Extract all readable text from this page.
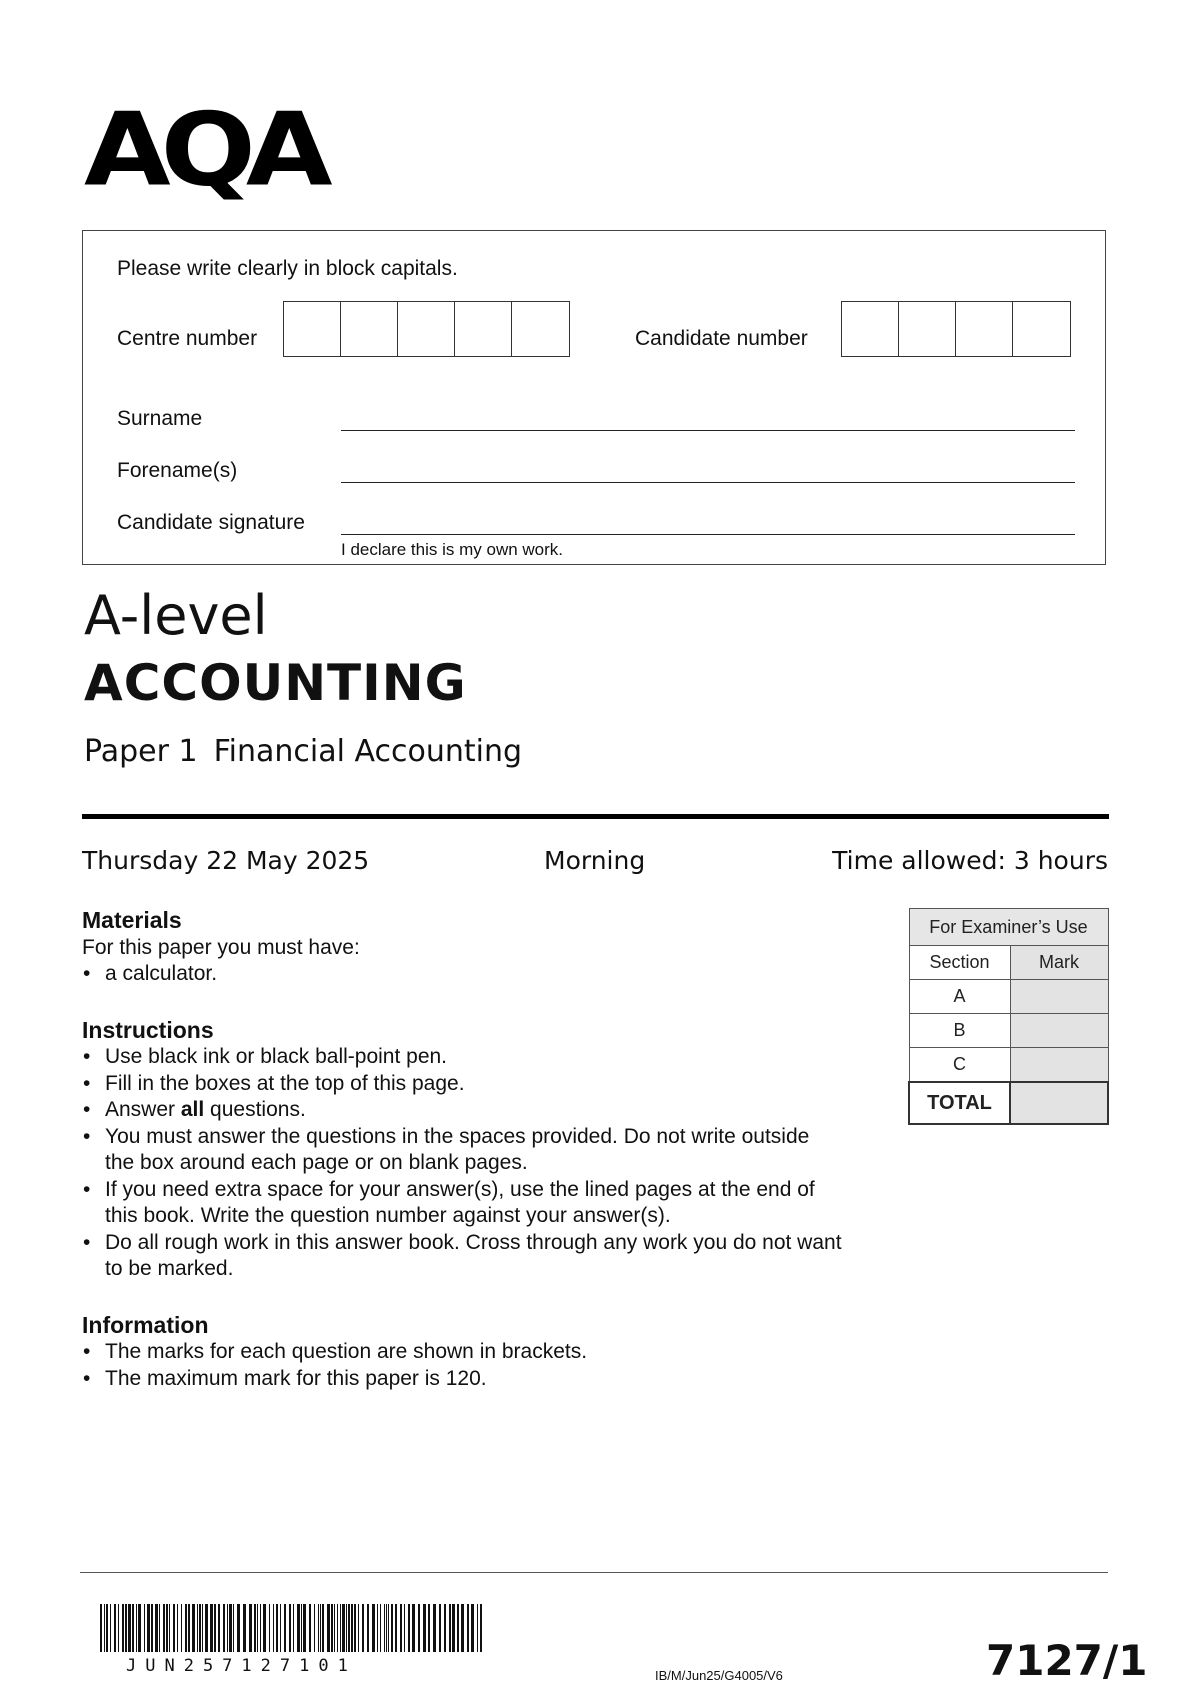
AQA
Please write clearly in block capitals.
Centre number	Candidate number
Surname
Forename(s)
Candidate signature
I declare this is my own work.
A-level
ACCOUNTING
Paper 1 Financial Accounting
Thursday 22 May 2025	Morning	Time allowed: 3 hours
Materials

For this paper you must have:

• a calculator.
Instructions
• Use black ink or black ball-point pen.
• Fill in the boxes at the top of this page.
• Answer all questions.
• You must answer the questions in the spaces provided. Do not write outside the box around each page or on blank pages.
• If you need extra space for your answer(s), use the lined pages at the end of this book. Write the question number against your answer(s).
• Do all rough work in this answer book. Cross through any work you do not want to be marked.
Information
• The marks for each question are shown in brackets.
• The maximum mark for this paper is 120.
For Examiner’s Use	
Section	Mark
A	
B	
C	
TOTAL	
JUN257127101	IB/M/Jun25/G4005/V6	7127/1
